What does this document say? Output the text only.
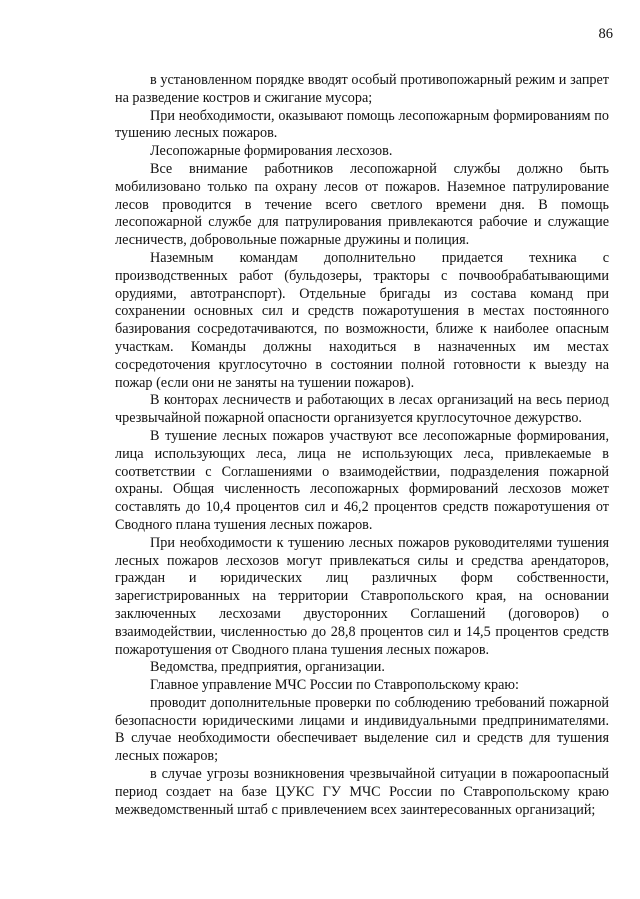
86

в установленном порядке вводят особый противопожарный режим и запрет на разведение костров и сжигание мусора;

При необходимости, оказывают помощь лесопожарным формированиям по тушению лесных пожаров.

Лесопожарные формирования лесхозов.

Все внимание работников лесопожарной службы должно быть мобилизовано только па охрану лесов от пожаров. Наземное патрулирование лесов проводится в течение всего светлого времени дня. В помощь лесопожарной службе для патрулирования привлекаются рабочие и служащие лесничеств, добровольные пожарные дружины и полиция.

Наземным командам дополнительно придается техника с производственных работ (бульдозеры, тракторы с почвообрабатывающими орудиями, автотранспорт). Отдельные бригады из состава команд при сохранении основных сил и средств пожаротушения в местах постоянного базирования сосредотачиваются, по возможности, ближе к наиболее опасным участкам. Команды должны находиться в назначенных им местах сосредоточения круглосуточно в состоянии полной готовности к выезду на пожар (если они не заняты на тушении пожаров).

В конторах лесничеств и работающих в лесах организаций на весь период чрезвычайной пожарной опасности организуется круглосуточное дежурство.

В тушение лесных пожаров участвуют все лесопожарные формирования, лица использующих леса, лица не использующих леса, привлекаемые в соответствии с Соглашениями о взаимодействии, подразделения пожарной охраны. Общая численность лесопожарных формирований лесхозов может составлять до 10,4 процентов сил и 46,2 процентов средств пожаротушения от Сводного плана тушения лесных пожаров.

При необходимости к тушению лесных пожаров руководителями тушения лесных пожаров лесхозов могут привлекаться силы и средства арендаторов, граждан и юридических лиц различных форм собственности, зарегистрированных на территории Ставропольского края, на основании заключенных лесхозами двусторонних Соглашений (договоров) о взаимодействии, численностью до 28,8 процентов сил и 14,5 процентов средств пожаротушения от Сводного плана тушения лесных пожаров.

Ведомства, предприятия, организации.

Главное управление МЧС России по Ставропольскому краю:

проводит дополнительные проверки по соблюдению требований пожарной безопасности юридическими лицами и индивидуальными предпринимателями. В случае необходимости обеспечивает выделение сил и средств для тушения лесных пожаров;

в случае угрозы возникновения чрезвычайной ситуации в пожароопасный период создает на базе ЦУКС ГУ МЧС России по Ставропольскому краю межведомственный штаб с привлечением всех заинтересованных организаций;
